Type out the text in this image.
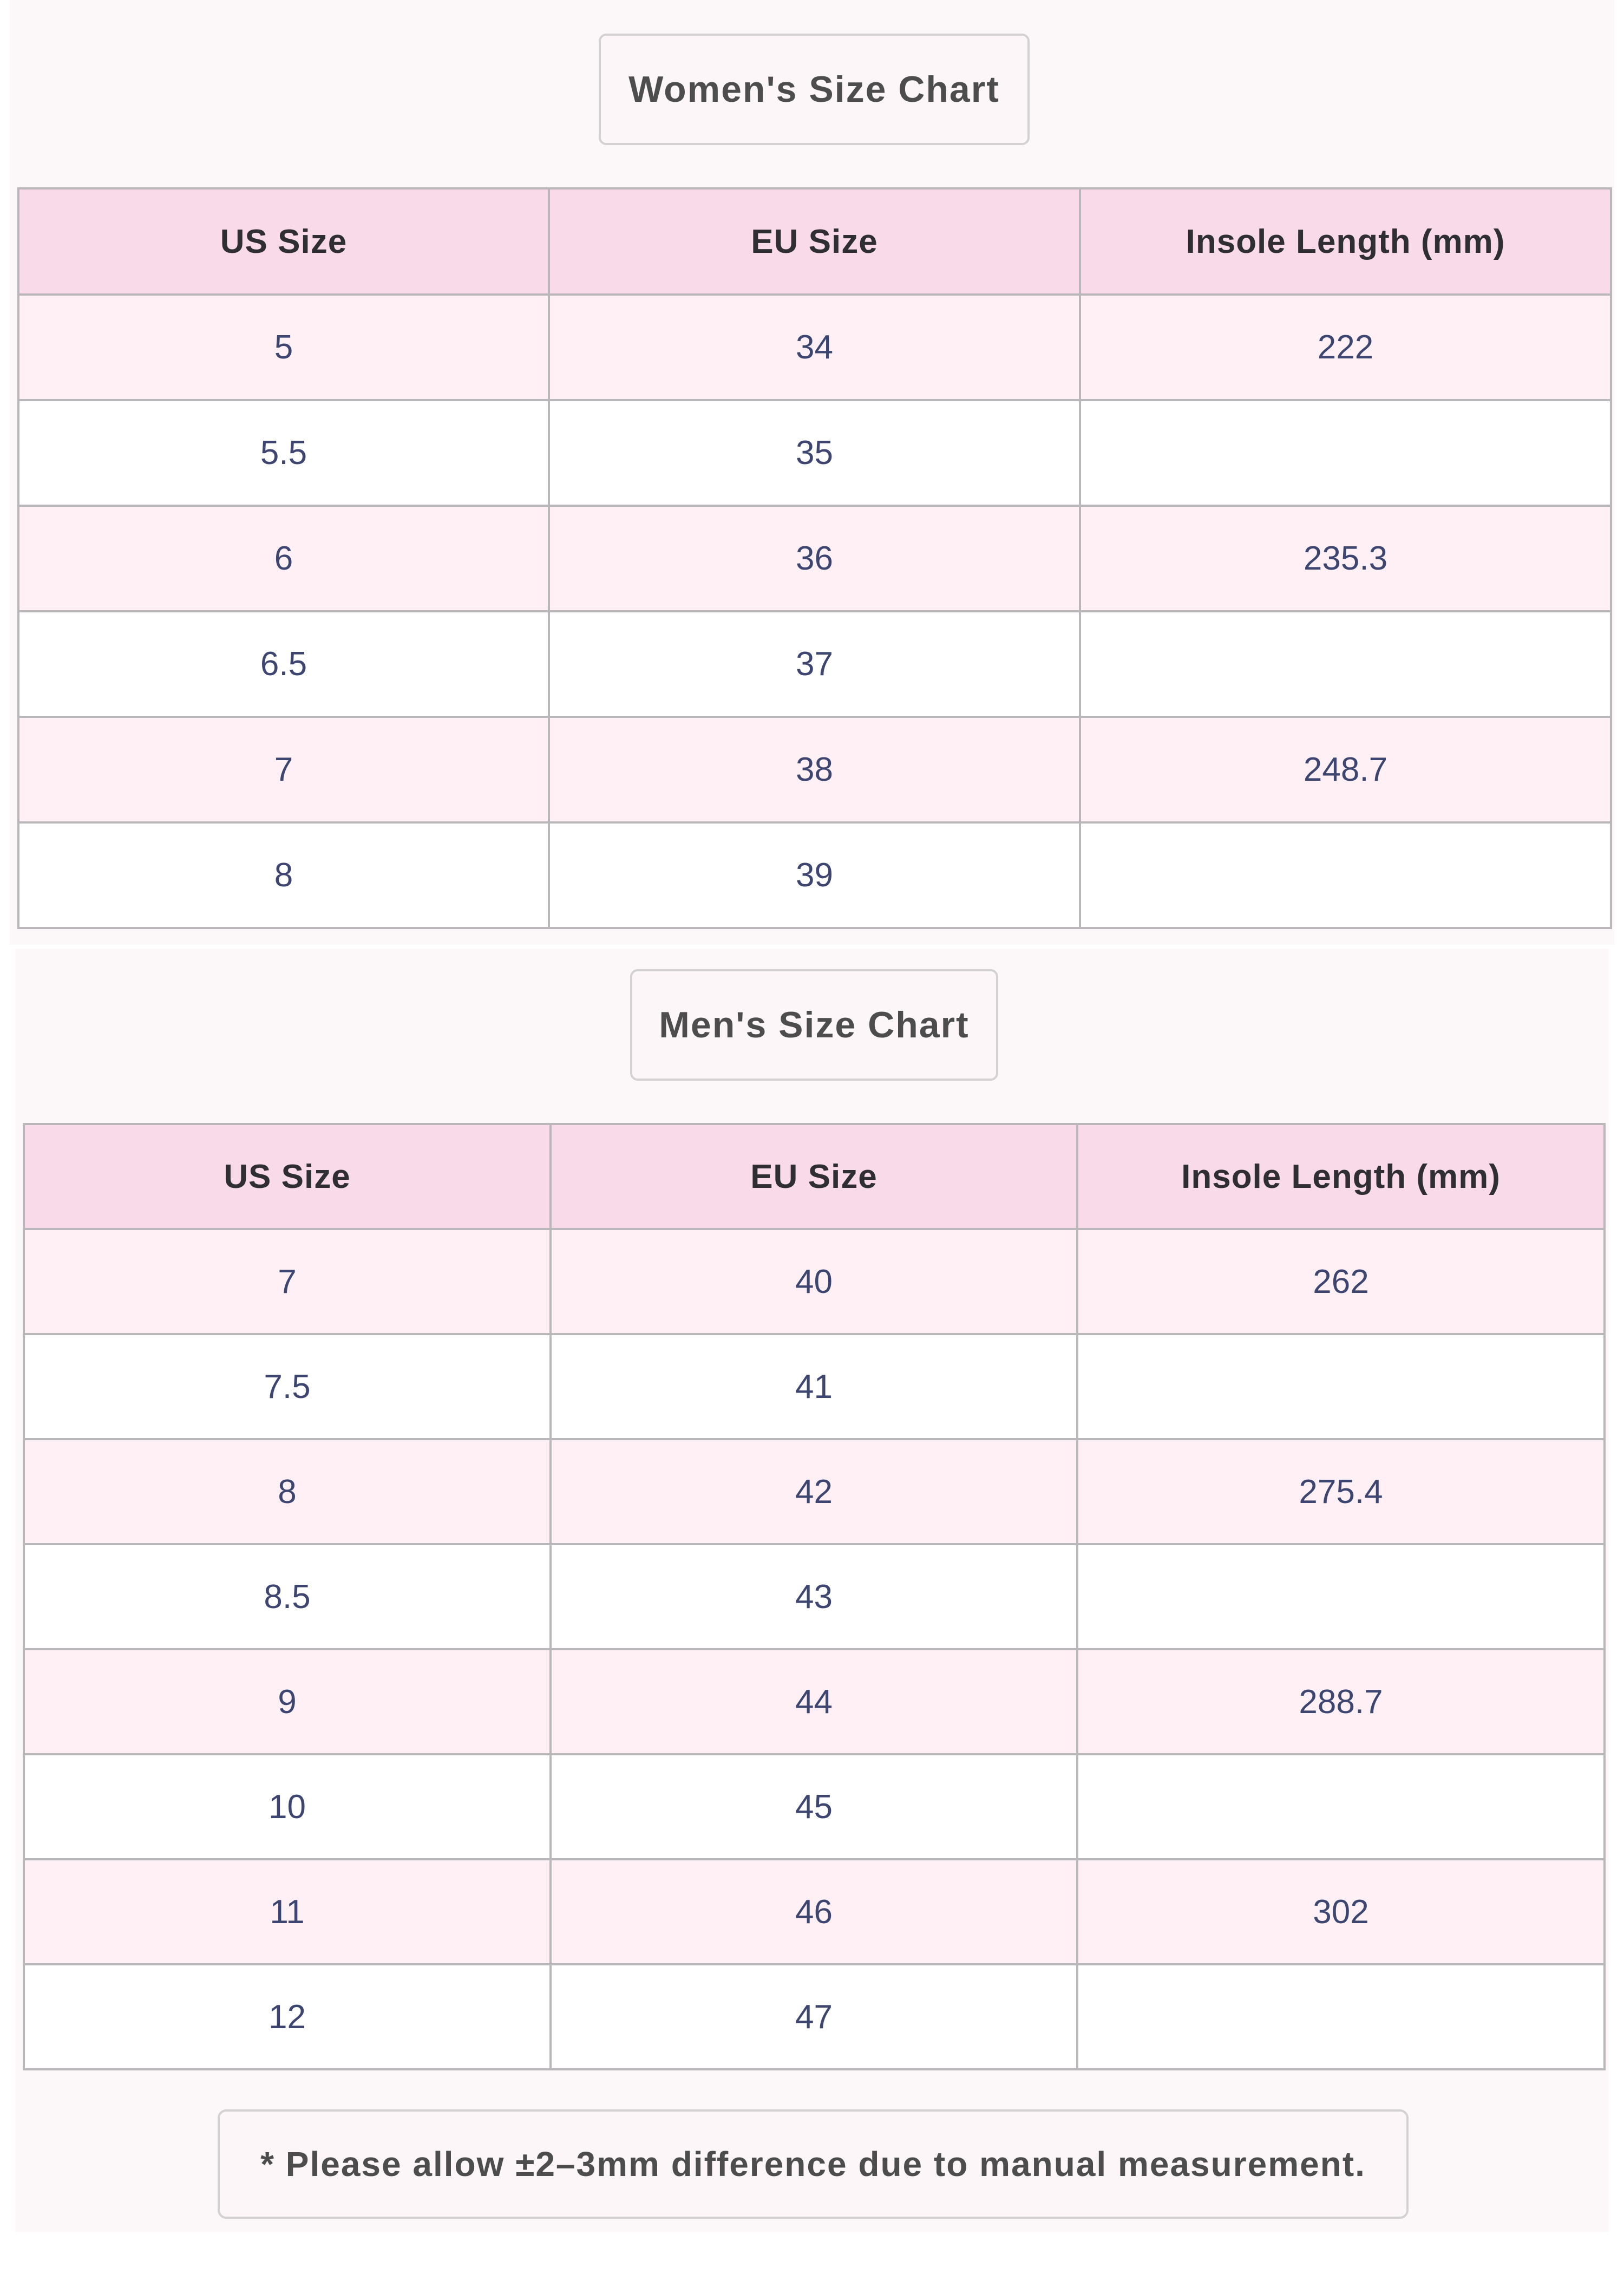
Women's Size Chart
US Size	EU Size	Insole Length (mm)
5	34	222
5.5	35	
6	36	235.3
6.5	37	
7	38	248.7
8	39	
Men's Size Chart
US Size	EU Size	Insole Length (mm)
7	40	262
7.5	41	
8	42	275.4
8.5	43	
9	44	288.7
10	45	
11	46	302
12	47	
* Please allow ±2–3mm difference due to manual measurement.
